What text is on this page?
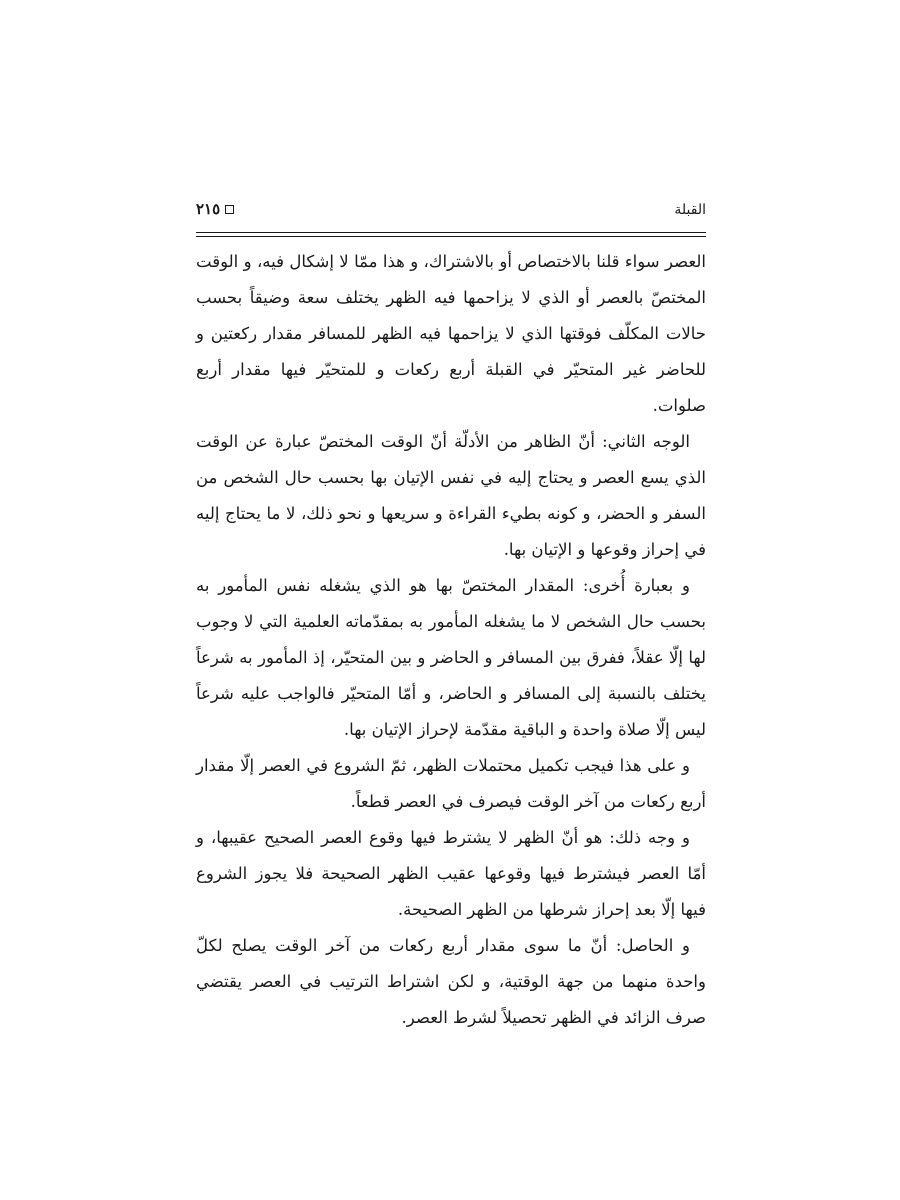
القبلة
٢١٥

العصر سواء قلنا بالاختصاص أو بالاشتراك، و هذا ممّا لا إشكال فيه، و الوقت المختصّ بالعصر أو الذي لا يزاحمها فيه الظهر يختلف سعة وضيقاً بحسب حالات المكلّف فوقتها الذي لا يزاحمها فيه الظهر للمسافر مقدار ركعتين و للحاضر غير المتحيّر في القبلة أربع ركعات و للمتحيّر فيها مقدار أربع صلوات.

الوجه الثاني: أنّ الظاهر من الأدلّة أنّ الوقت المختصّ عبارة عن الوقت الذي يسع العصر و يحتاج إليه في نفس الإتيان بها بحسب حال الشخص من السفر و الحضر، و كونه بطيء القراءة و سريعها و نحو ذلك، لا ما يحتاج إليه في إحراز وقوعها و الإتيان بها.

و بعبارة أُخرى: المقدار المختصّ بها هو الذي يشغله نفس المأمور به بحسب حال الشخص لا ما يشغله المأمور به بمقدّماته العلمية التي لا وجوب لها إلّا عقلاً، ففرق بين المسافر و الحاضر و بين المتحيّر، إذ المأمور به شرعاً يختلف بالنسبة إلى المسافر و الحاضر، و أمّا المتحيّر فالواجب عليه شرعاً ليس إلّا صلاة واحدة و الباقية مقدّمة لإحراز الإتيان بها.

و على هذا فيجب تكميل محتملات الظهر، ثمّ الشروع في العصر إلّا مقدار أربع ركعات من آخر الوقت فيصرف في العصر قطعاً.

و وجه ذلك: هو أنّ الظهر لا يشترط فيها وقوع العصر الصحيح عقيبها، و أمّا العصر فيشترط فيها وقوعها عقيب الظهر الصحيحة فلا يجوز الشروع فيها إلّا بعد إحراز شرطها من الظهر الصحيحة.

و الحاصل: أنّ ما سوى مقدار أربع ركعات من آخر الوقت يصلح لكلّ واحدة منهما من جهة الوقتية، و لكن اشتراط الترتيب في العصر يقتضي صرف الزائد في الظهر تحصيلاً لشرط العصر.
